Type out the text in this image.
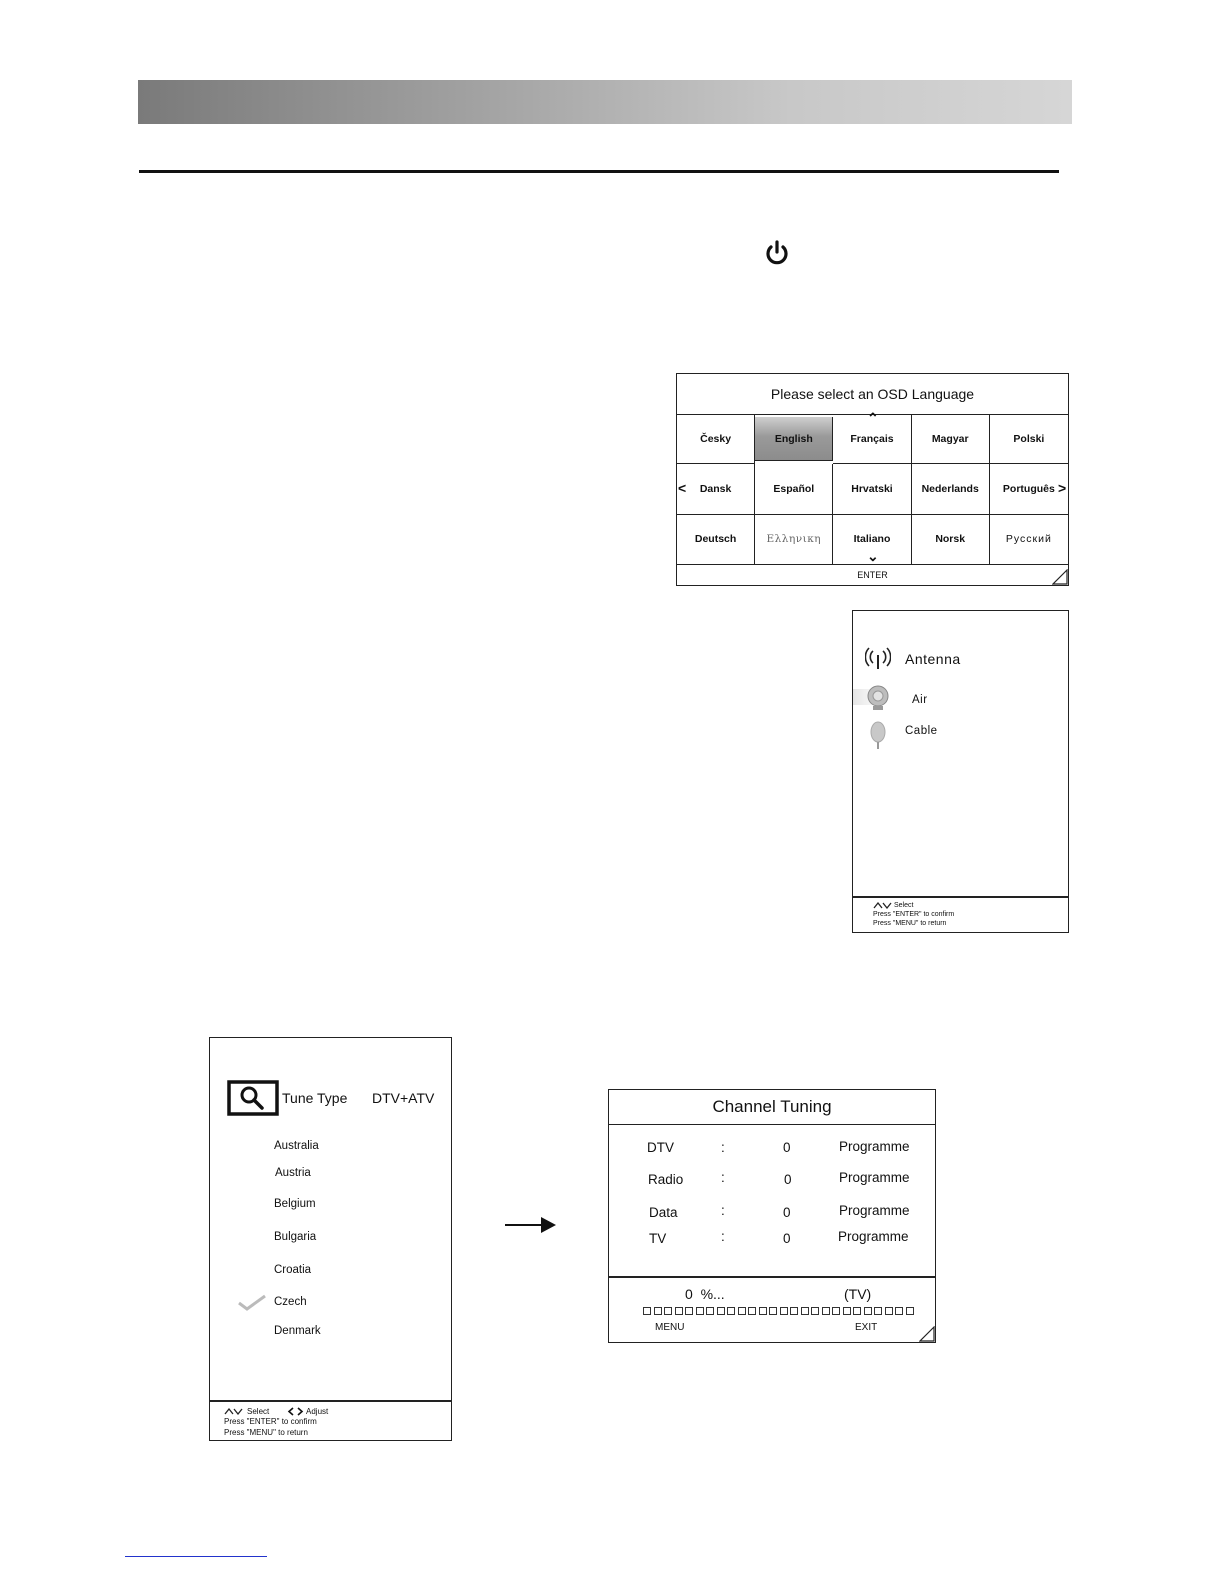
Please select an OSD Language
Česky	English	Français	Magyar	Polski
Dansk	Español	Hrvatski	Nederlands	Português
Deutsch	Ελληνικη	Italiano	Norsk	Русский
⌃
⌄
<	>
ENTER
Antenna
Air
Cable
Select
Press "ENTER" to confirm
Press "MENU" to return
Tune Type DTV+ATV
Australia
Austria
Belgium
Bulgaria
Croatia
Czech
Denmark
Select	Adjust
Press "ENTER" to confirm
Press "MENU" to return
Channel Tuning
DTV	:	0	Programme
Radio	:	0	Programme
Data	:	0	Programme
TV	:	0	Programme
0  %...	(TV)
MENU	EXIT
